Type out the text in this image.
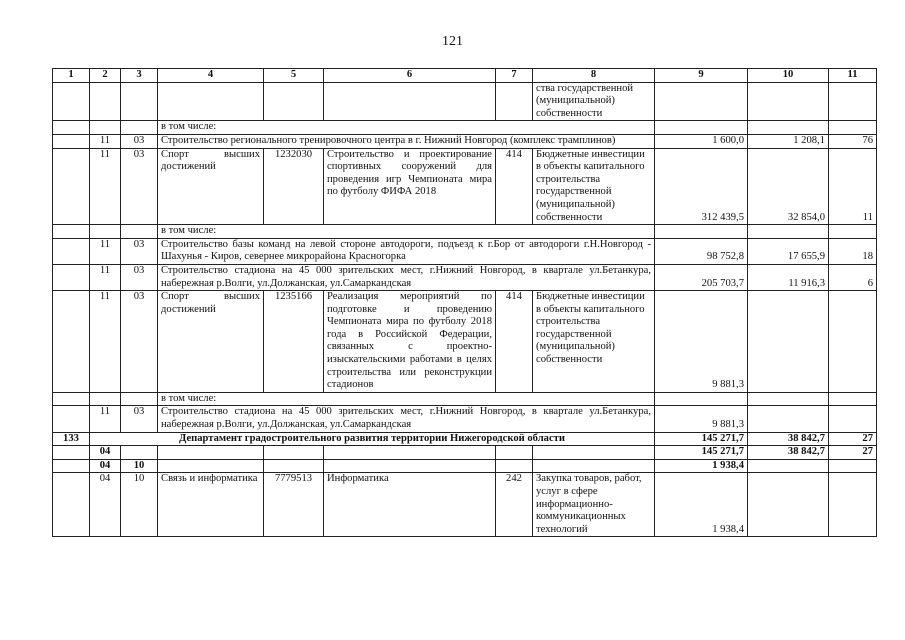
121
1	2	3	4	5	6	7	8	9	10	11
							ства государственной (муниципальной) собственности			
			в том числе:							
	11	03	Строительство регионального тренировочного центра в г. Нижний Новгород (комплекс трамплинов)					1 600,0	1 208,1	76
	11	03	Спорт высших достижений	1232030	Строительство и проектирование спортивных сооружений для проведения игр Чемпионата мира по футболу ФИФА 2018	414	Бюджетные инвестиции в объекты капитального строительства государственной (муниципальной) собственности	312 439,5	32 854,0	11
			в том числе:							
	11	03	Строительство базы команд на левой стороне автодороги, подъезд к г.Бор от автодороги г.Н.Новгород - Шахунья - Киров, севернее микрорайона Красногорка					98 752,8	17 655,9	18
	11	03	Строительство стадиона на 45 000 зрительских мест, г.Нижний Новгород, в квартале ул.Бетанкура, набережная р.Волги, ул.Должанская, ул.Самаркандская					205 703,7	11 916,3	6
	11	03	Спорт высших достижений	1235166	Реализация мероприятий по подготовке и проведению Чемпионата мира по футболу 2018 года в Российской Федерации, связанных с проектно-изыскательскими работами в целях строительства или реконструкции стадионов	414	Бюджетные инвестиции в объекты капитального строительства государственной (муниципальной) собственности	9 881,3		
			в том числе:							
	11	03	Строительство стадиона на 45 000 зрительских мест, г.Нижний Новгород, в квартале ул.Бетанкура, набережная р.Волги, ул.Должанская, ул.Самаркандская					9 881,3		
133	Департамент градостроительного развития территории Нижегородской области							145 271,7	38 842,7	27
	04							145 271,7	38 842,7	27
	04	10						1 938,4		
	04	10	Связь и информатика	7779513	Информатика	242	Закупка товаров, работ, услуг в сфере информационно-коммуникационных технологий	1 938,4		
